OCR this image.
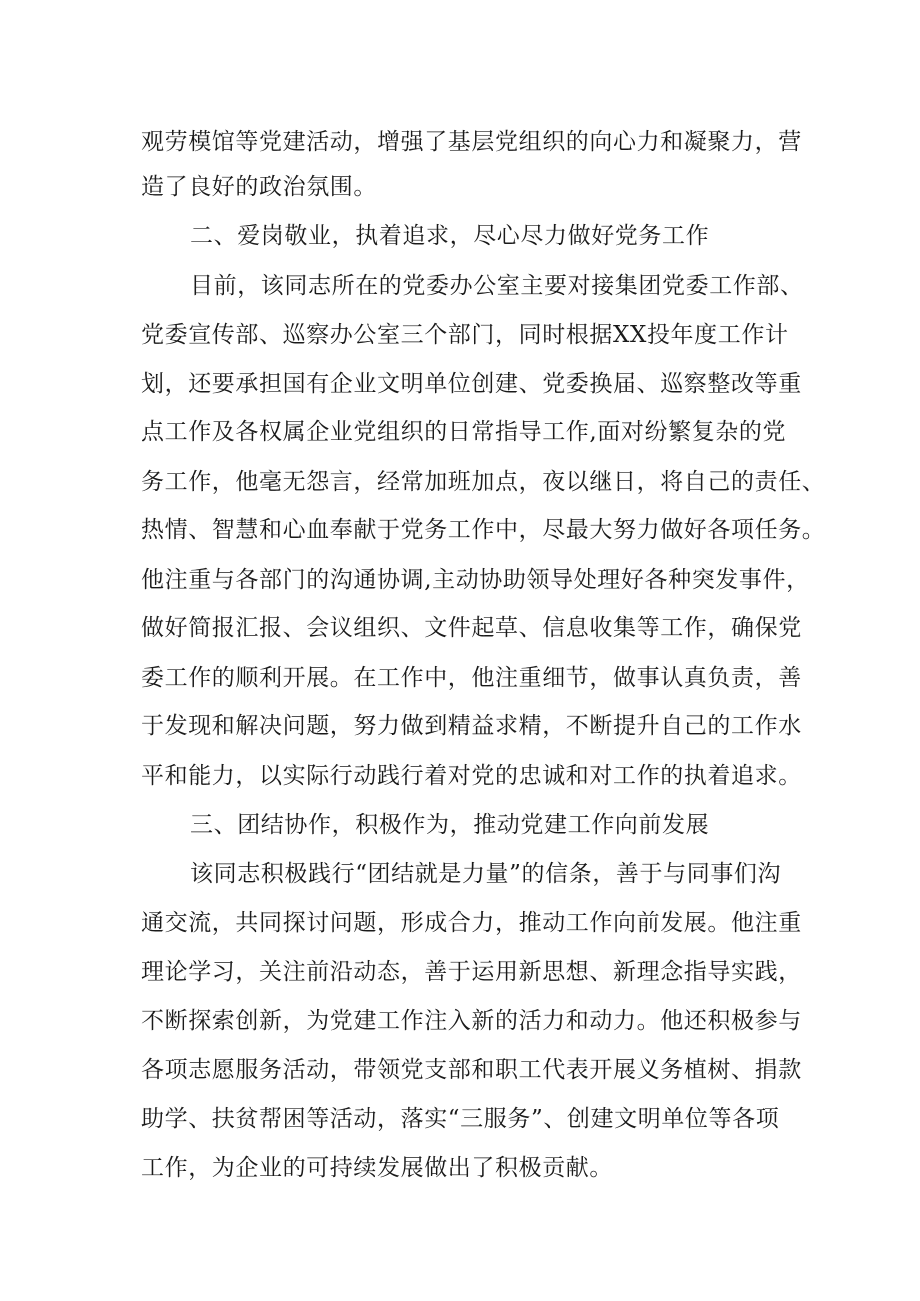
观劳模馆等党建活动，增强了基层党组织的向心力和凝聚力，营
造了良好的政治氛围。
二、爱岗敬业，执着追求，尽心尽力做好党务工作
目前，该同志所在的党委办公室主要对接集团党委工作部、
党委宣传部、巡察办公室三个部门，同时根据XX投年度工作计
划，还要承担国有企业文明单位创建、党委换届、巡察整改等重
点工作及各权属企业党组织的日常指导工作,面对纷繁复杂的党
务工作，他毫无怨言，经常加班加点，夜以继日，将自己的责任、
热情、智慧和心血奉献于党务工作中，尽最大努力做好各项任务。
他注重与各部门的沟通协调,主动协助领导处理好各种突发事件，
做好简报汇报、会议组织、文件起草、信息收集等工作，确保党
委工作的顺利开展。在工作中，他注重细节，做事认真负责，善
于发现和解决问题，努力做到精益求精，不断提升自己的工作水
平和能力，以实际行动践行着对党的忠诚和对工作的执着追求。
三、团结协作，积极作为，推动党建工作向前发展
该同志积极践行“团结就是力量”的信条，善于与同事们沟
通交流，共同探讨问题，形成合力，推动工作向前发展。他注重
理论学习，关注前沿动态，善于运用新思想、新理念指导实践，
不断探索创新，为党建工作注入新的活力和动力。他还积极参与
各项志愿服务活动，带领党支部和职工代表开展义务植树、捐款
助学、扶贫帮困等活动，落实“三服务”、创建文明单位等各项
工作，为企业的可持续发展做出了积极贡献。
